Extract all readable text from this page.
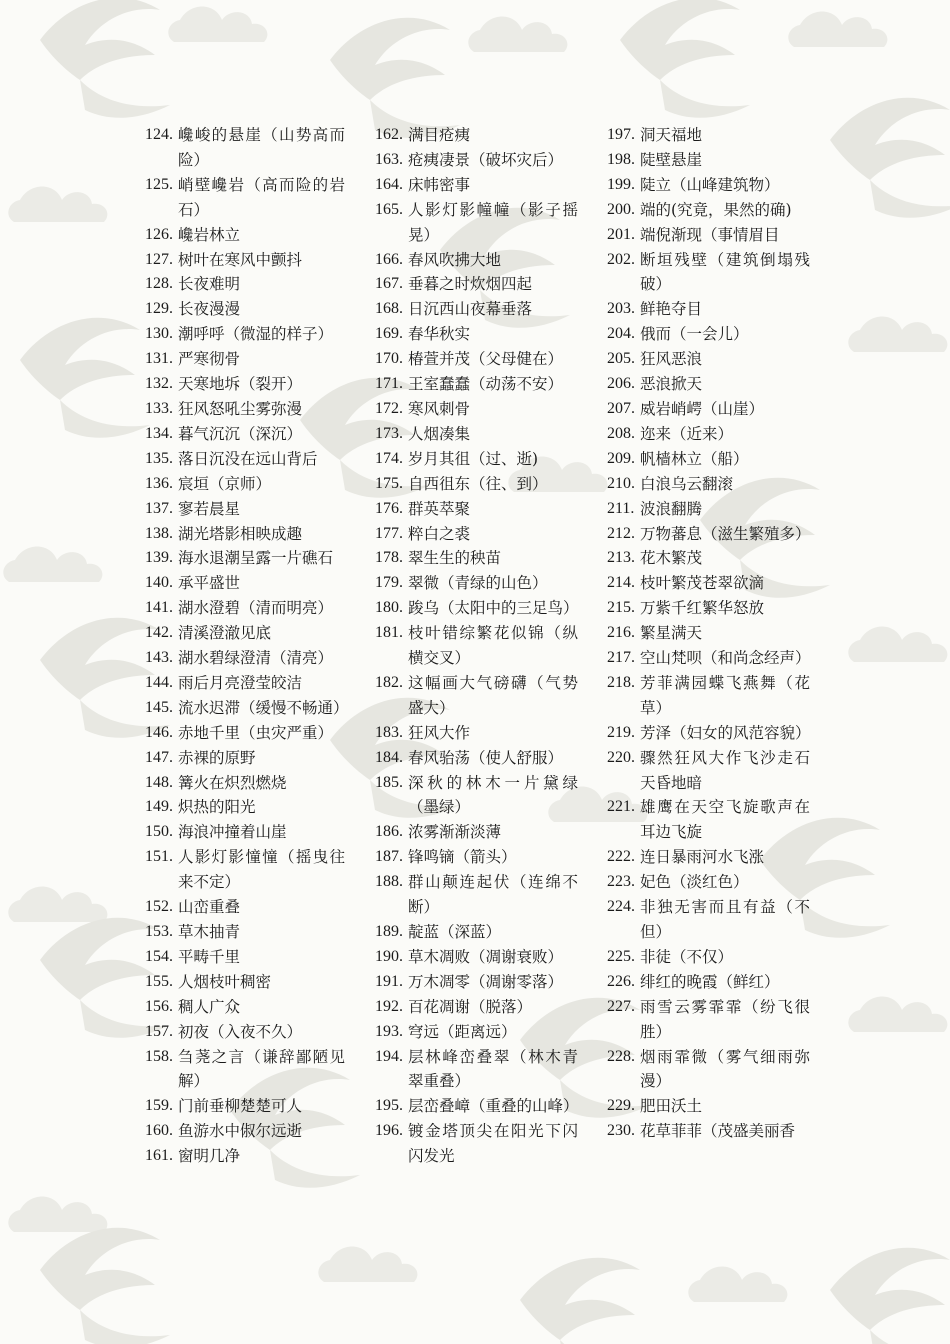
124. 巉峻的悬崖（山势高而险）
125. 峭壁巉岩（高而险的岩石）
126. 巉岩林立
127. 树叶在寒风中颤抖
128. 长夜难明
129. 长夜漫漫
130. 潮呼呼（微湿的样子）
131. 严寒彻骨
132. 天寒地坼（裂开）
133. 狂风怒吼尘雾弥漫
134. 暮气沉沉（深沉）
135. 落日沉没在远山背后
136. 宸垣（京师）
137. 寥若晨星
138. 湖光塔影相映成趣
139. 海水退潮呈露一片礁石
140. 承平盛世
141. 湖水澄碧（清而明亮）
142. 清溪澄澈见底
143. 湖水碧绿澄清（清亮）
144. 雨后月亮澄莹皎洁
145. 流水迟滞（缓慢不畅通）
146. 赤地千里（虫灾严重）
147. 赤裸的原野
148. 篝火在炽烈燃烧
149. 炽热的阳光
150. 海浪冲撞着山崖
151. 人影灯影憧憧（摇曳往来不定）
152. 山峦重叠
153. 草木抽青
154. 平畴千里
155. 人烟枝叶稠密
156. 稠人广众
157. 初夜（入夜不久）
158. 刍荛之言（谦辞鄙陋见解）
159. 门前垂柳楚楚可人
160. 鱼游水中俶尔远逝
161. 窗明几净
162. 满目疮痍
163. 疮痍凄景（破坏灾后）
164. 床帏密事
165. 人影灯影幢幢（影子摇晃）
166. 春风吹拂大地
167. 垂暮之时炊烟四起
168. 日沉西山夜幕垂落
169. 春华秋实
170. 椿萱并茂（父母健在）
171. 王室蠢蠢（动荡不安）
172. 寒风刺骨
173. 人烟凑集
174. 岁月其徂（过、逝)
175. 自西徂东（往、到）
176. 群英萃聚
177. 粹白之裘
178. 翠生生的秧苗
179. 翠微（青绿的山色）
180. 踆乌（太阳中的三足鸟）
181. 枝叶错综繁花似锦（纵横交叉）
182. 这幅画大气磅礴（气势盛大）
183. 狂风大作
184. 春风骀荡（使人舒服）
185. 深秋的林木一片黛绿（墨绿）
186. 浓雾渐渐淡薄
187. 锋鸣镝（箭头）
188. 群山颠连起伏（连绵不断）
189. 靛蓝（深蓝）
190. 草木凋败（凋谢衰败）
191. 万木凋零（凋谢零落）
192. 百花凋谢（脱落）
193. 穹远（距离远）
194. 层林峰峦叠翠（林木青翠重叠）
195. 层峦叠嶂（重叠的山峰）
196. 镀金塔顶尖在阳光下闪闪发光
197. 洞天福地
198. 陡壁悬崖
199. 陡立（山峰建筑物）
200. 端的(究竟，果然的确)
201. 端倪渐现（事情眉目
202. 断垣残壁（建筑倒塌残破）
203. 鲜艳夺目
204. 俄而（一会儿）
205. 狂风恶浪
206. 恶浪掀天
207. 威岩峭崿（山崖）
208. 迩来（近来）
209. 帆樯林立（船）
210. 白浪乌云翻滚
211. 波浪翻腾
212. 万物蕃息（滋生繁殖多）
213. 花木繁茂
214. 枝叶繁茂苍翠欲滴
215. 万紫千红繁华怒放
216. 繁星满天
217. 空山梵呗（和尚念经声）
218. 芳菲满园蝶飞燕舞（花草）
219. 芳泽（妇女的风范容貌）
220. 骤然狂风大作飞沙走石天昏地暗
221. 雄鹰在天空飞旋歌声在耳边飞旋
222. 连日暴雨河水飞涨
223. 妃色（淡红色）
224. 非独无害而且有益（不但）
225. 非徒（不仅）
226. 绯红的晚霞（鲜红）
227. 雨雪云雾霏霏（纷飞很胜）
228. 烟雨霏微（雾气细雨弥漫）
229. 肥田沃土
230. 花草菲菲（茂盛美丽香
